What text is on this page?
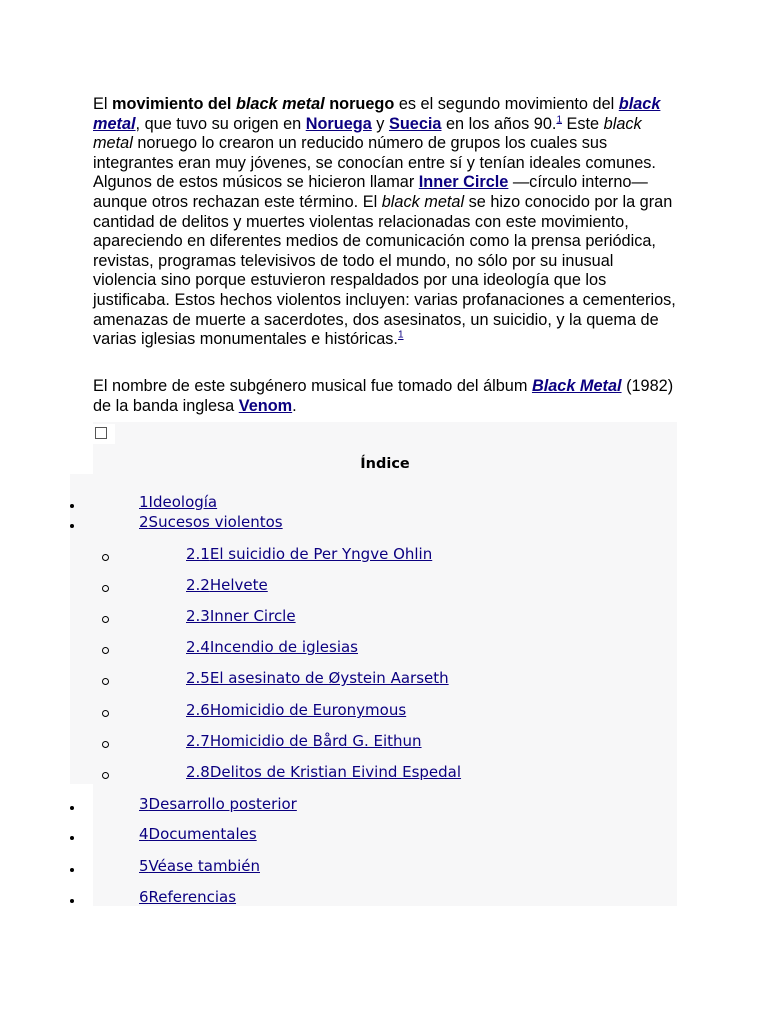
El movimiento del black metal noruego es el segundo movimiento del black metal, que tuvo su origen en Noruega y Suecia en los años 90.$^1$ Este black metal noruego lo crearon un reducido número de grupos los cuales sus integrantes eran muy jóvenes, se conocían entre sí y tenían ideales comunes. Algunos de estos músicos se hicieron llamar Inner Circle —círculo interno— aunque otros rechazan este término. El black metal se hizo conocido por la gran cantidad de delitos y muertes violentas relacionadas con este movimiento, apareciendo en diferentes medios de comunicación como la prensa periódica, revistas, programas televisivos de todo el mundo, no sólo por su inusual violencia sino porque estuvieron respaldados por una ideología que los justificaba. Estos hechos violentos incluyen: varias profanaciones a cementerios, amenazas de muerte a sacerdotes, dos asesinatos, un suicidio, y la quema de varias iglesias monumentales e históricas.$^1$

El nombre de este subgénero musical fue tomado del álbum Black Metal (1982) de la banda inglesa Venom.

Índice
1Ideología
2Sucesos violentos
2.1El suicidio de Per Yngve Ohlin
2.2Helvete
2.3Inner Circle
2.4Incendio de iglesias
2.5El asesinato de Øystein Aarseth
2.6Homicidio de Euronymous
2.7Homicidio de Bård G. Eithun
2.8Delitos de Kristian Eivind Espedal
3Desarrollo posterior
4Documentales
5Véase también
6Referencias
